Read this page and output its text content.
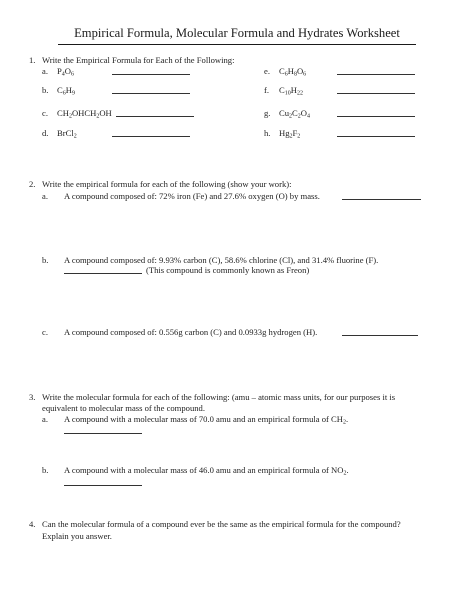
Empirical Formula, Molecular Formula and Hydrates Worksheet
1. Write the Empirical Formula for Each of the Following:
a. $P_4O_6$	e. $C_6H_8O_6$
b. $C_6H_9$	f. $C_{10}H_{22}$
c. $CH_2OHCH_2OH$	g. $Cu_2C_2O_4$
d. BrCl$_2$	h. $Hg_2F_2$
2. Write the empirical formula for each of the following (show your work):
a. A compound composed of: 72% iron (Fe) and 27.6% oxygen (O) by mass.
b. A compound composed of: 9.93% carbon (C), 58.6% chlorine (Cl), and 31.4% fluorine (F).
(This compound is commonly known as Freon)
c. A compound composed of: 0.556g carbon (C) and 0.0933g hydrogen (H).
3. Write the molecular formula for each of the following: (amu – atomic mass units, for our purposes it is
equivalent to molecular mass of the compound.
a. A compound with a molecular mass of 70.0 amu and an empirical formula of $CH_2$.
b. A compound with a molecular mass of 46.0 amu and an empirical formula of $NO_2$.
4. Can the molecular formula of a compound ever be the same as the empirical formula for the compound?
Explain you answer.
